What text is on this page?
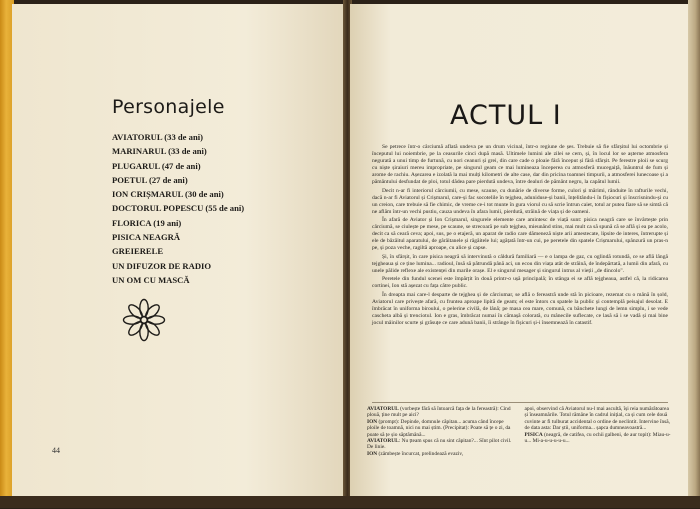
Personajele
AVIATORUL (33 de ani)
MARINARUL (33 de ani)
PLUGARUL (47 de ani)
POETUL (27 de ani)
ION CRIȘMARUL (30 de ani)
DOCTORUL POPESCU (55 de ani)
FLORICA (19 ani)
PISICA NEAGRĂ
GREIERELE
UN DIFUZOR DE RADIO
UN OM CU MASCĂ
44
ACTUL I

Se petrece într-o cârciumă aflată undeva pe un drum vicinal, într-o regiune de șes. Trebuie să fie sfârșitul lui octombrie și începutul lui noiembrie, pe la ceasurile cinci după masă. Ultimele lumini ale zilei se cern, și, în locul lor se așterne atmosfera negurată a unui timp de furtună, cu nori ceanuri și grei, din care cade o ploaie fără început și fără sfârșit. Pe ferestre ploii se scurg cu niște șiraiuri mereu impropriate, pe singurul geam ce mai lumineaza începerea cu atmosferă mucegaiță, înăuntrul de fum și arome de rachiu. Așezarea e izolată la mai mulți kilometri de alte case, dar din pricina toamnei timpurii, a atmosferei lunecoase și a pământului desfundat de ploi, totul dădea pare pierdută undeva, între dealuri de pământ negru, la capătul lumii.

Decit n-ar fi interiorul cârciumii, cu mese, scaune, cu dunărie de diverse forme, culori și mărimi, rânduite în rafturile vechi, dacă n-ar fi Aviatorul și Crișmarul, care-și fac socotelile în tejghea, aduniduse-și banii, înțelitându-i în fișiocuri și înscrisnindu-și cu un creion, care trebuie să fie chimic, de vreme ce-i tot munte în gura viorul cu să scrie întrun caiet, totul ar putea fiare să se simtă că ne aflăm într-un vechi pustiu, cauza undeva în afara lumii, pierdută, străină de viața și de oameni.

În afară de Aviator și Ion Crișmarul, singurele elemente care amintesc de viață sunt: pisica neagră care se învârtește prin cârciumă, se ciulește pe mese, pe scaune, se strecoară pe sub tejghea, mieunând stins, mai mult ca să spună că se află și ea pe acolo, decit ca să ceară ceva; apoi, sus, pe o etajeră, un aparat de radio care dămeneză niște arii amestecate, lipsite de interes, întrerupte și ele de bâzâitul aparatului, de gârâitanele și râgâitele lui; agățată într-un cui, pe peretele din spatele Crișmarului, spânzură un pras-n pe, și poza veche, ragiltă aproape, cu alice și capse.

Și, în sfârșit, în care pisica neagră să intervinută o câldură familiară — e o lampa de gaz, cu oglindă rotundă, ce se află lângă tejgheaua și ce ține lumina... radioul, însă să pătrundă până aci, un ecou din viața atât de străină, de îndepărtată, a lumii din afară, cu unele pălide reflexe ale existenței din marile orașe. El e singurul mesager și singurul intrus al vieții „de dincolo".

Peretele din fundul scenei este împărțit în două printr-o ușă principală; în stânga ei se află tejgheaua, astfel că, la ridicarea cortinei, Ion stă așezat cu fața către public.

În dreapta mai care-l desparte de tejghea și de cârciumar, se află o fereastră unde stă în picioare, rezemat cu o mână în șold, Aviatorul care privește afară, cu fruntea aproape lipită de geam; el este întors cu spatele la public și contemplă peisajul desolat. E îmbrăcat în uniforma biroului, o pelerine civilă, de lână; pe masa cea mare, comună, cu bănchete lungi de lemn simplu, i se vede cascheta albă și trenciotul. Ion e gras, îmbrăcat numai în cămașă colorată, cu mânecile suflecate, ce lasă să i se vadă și mai bine jocul mâinilor scurte și grăsuțe ce care adună banii, îi strânge în fișicuri și-i însemnează în catastif.

AVIATORUL (vorbește fără să întoarcă fața de la fereastră): Cind plouă, ține mult pe aici?
ION (prompt): Depinde, domnule căpitan... acuma când începe ploile de toamnă, nici nu mai știm. (Precipitat): Poate să țe o zi, da poate să țe șio săptămână...
AVIATORUL: Nu țteam spus că nu sint căpitan?... Sînt pilot civil. De linie.
ION (zâmbește încurcat, prelindează evaziv,
apoi, observind că Aviatorul nu-l mai ascultă, își reia numărătoarea și înseamnările. Totul rămâne în cadrul inițial, ca și cum cele două cuvinte ar fi tulburat accidental o ordine de neclintit. Intervine însă, de data asta: Dar știi, uniforma... șapca dumneavoastră...
PISICA (neagră, de catifea, cu ochii galbeni, de aur topit): Miau-u-u... Mi-a-u-u-u-u-u...
